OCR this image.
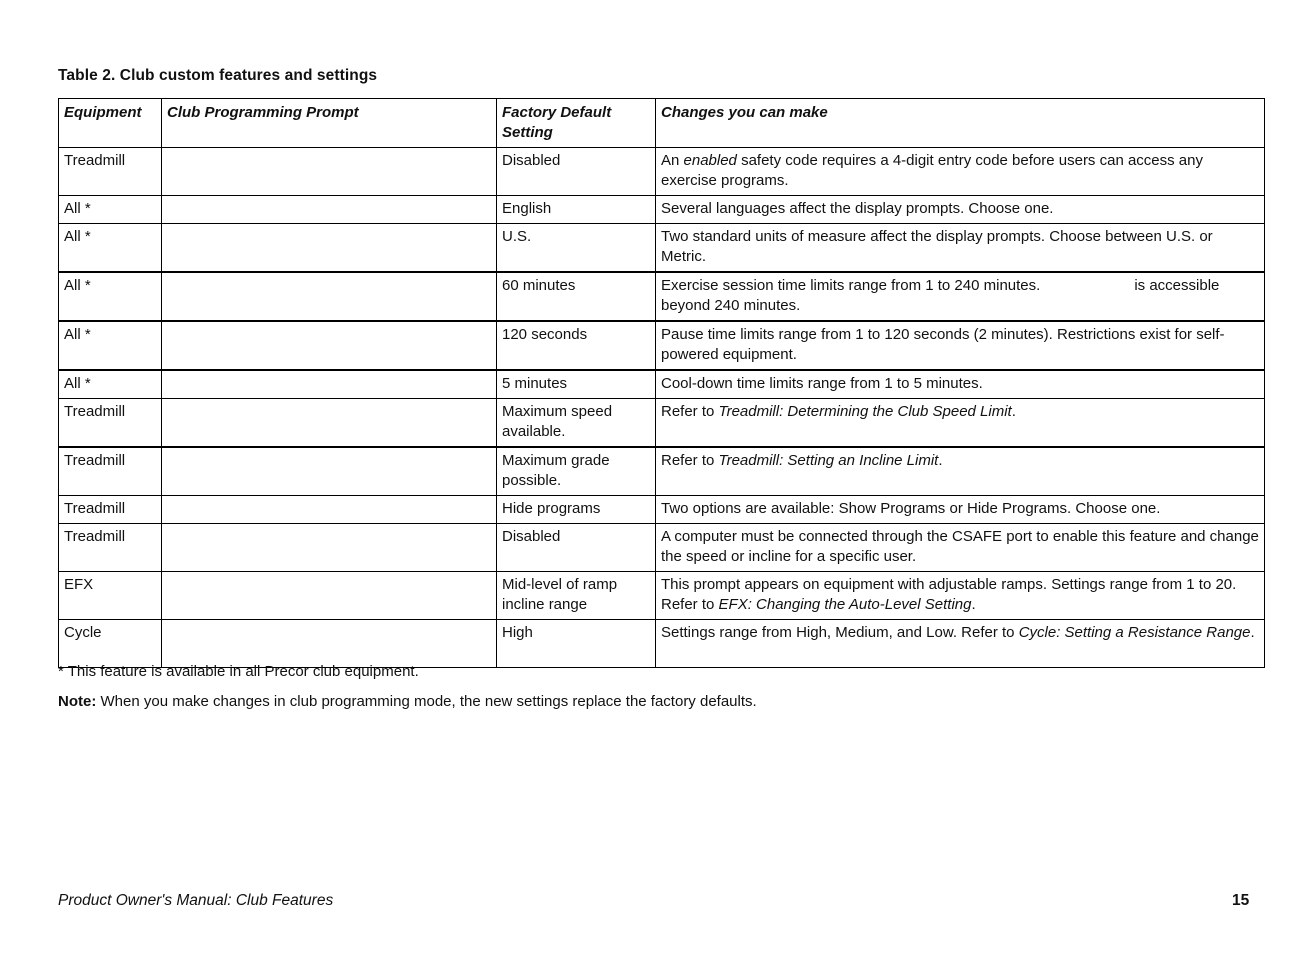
Table 2. Club custom features and settings
Equipment	Club Programming Prompt	Factory Default Setting	Changes you can make
Treadmill		Disabled	An enabled safety code requires a 4-digit entry code before users can access any exercise programs.
All *		English	Several languages affect the display prompts. Choose one.
All *		U.S.	Two standard units of measure affect the display prompts. Choose between U.S. or Metric.
All *		60 minutes	Exercise session time limits range from 1 to 240 minutes. is accessible beyond 240 minutes.
All *		120 seconds	Pause time limits range from 1 to 120 seconds (2 minutes). Restrictions exist for self-powered equipment.
All *		5 minutes	Cool-down time limits range from 1 to 5 minutes.
Treadmill		Maximum speed available.	Refer to Treadmill: Determining the Club Speed Limit.
Treadmill		Maximum grade possible.	Refer to Treadmill: Setting an Incline Limit.
Treadmill		Hide programs	Two options are available: Show Programs or Hide Programs. Choose one.
Treadmill		Disabled	A computer must be connected through the CSAFE port to enable this feature and change the speed or incline for a specific user.
EFX		Mid-level of ramp incline range	This prompt appears on equipment with adjustable ramps. Settings range from 1 to 20. Refer to EFX: Changing the Auto-Level Setting.
Cycle		High	Settings range from High, Medium, and Low. Refer to Cycle: Setting a Resistance Range.
* This feature is available in all Precor club equipment.
Note: When you make changes in club programming mode, the new settings replace the factory defaults.
Product Owner's Manual: Club Features	15
